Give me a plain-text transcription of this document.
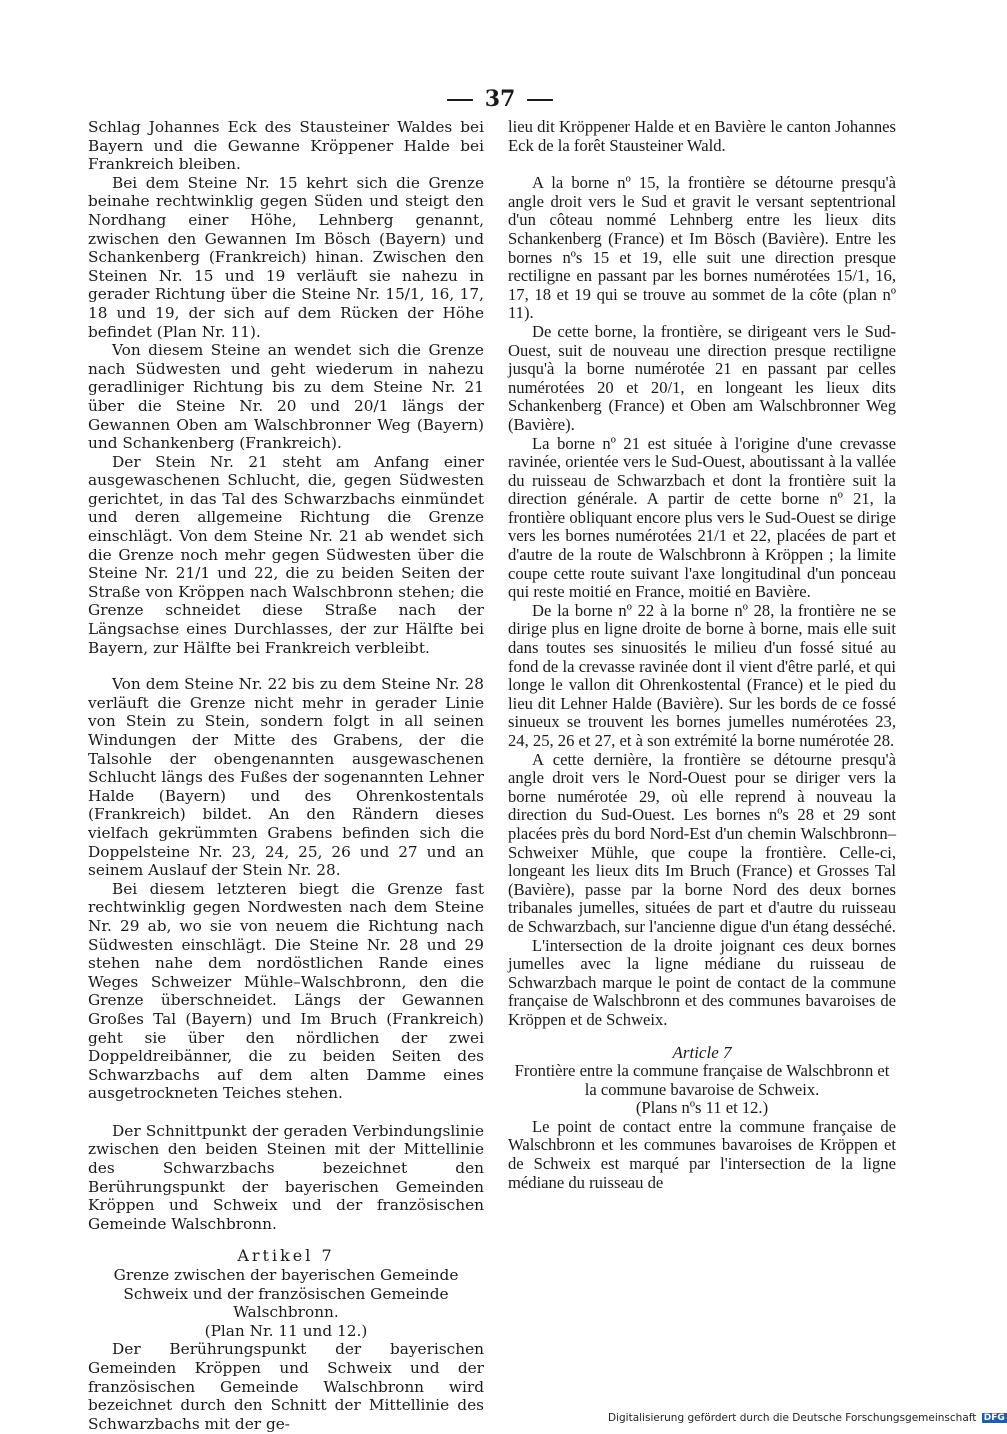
37

Schlag Johannes Eck des Stausteiner Waldes bei Bayern und die Gewanne Kröppener Halde bei Frankreich bleiben.

Bei dem Steine Nr. 15 kehrt sich die Grenze beinahe rechtwinklig gegen Süden und steigt den Nordhang einer Höhe, Lehnberg genannt, zwischen den Gewannen Im Bösch (Bayern) und Schankenberg (Frankreich) hinan. Zwischen den Steinen Nr. 15 und 19 verläuft sie nahezu in gerader Richtung über die Steine Nr. 15/1, 16, 17, 18 und 19, der sich auf dem Rücken der Höhe befindet (Plan Nr. 11).

Von diesem Steine an wendet sich die Grenze nach Südwesten und geht wiederum in nahezu geradliniger Richtung bis zu dem Steine Nr. 21 über die Steine Nr. 20 und 20/1 längs der Gewannen Oben am Walschbronner Weg (Bayern) und Schankenberg (Frankreich).

Der Stein Nr. 21 steht am Anfang einer ausgewaschenen Schlucht, die, gegen Südwesten gerichtet, in das Tal des Schwarzbachs einmündet und deren allgemeine Richtung die Grenze einschlägt. Von dem Steine Nr. 21 ab wendet sich die Grenze noch mehr gegen Südwesten über die Steine Nr. 21/1 und 22, die zu beiden Seiten der Straße von Kröppen nach Walschbronn stehen; die Grenze schneidet diese Straße nach der Längsachse eines Durchlasses, der zur Hälfte bei Bayern, zur Hälfte bei Frankreich verbleibt.

Von dem Steine Nr. 22 bis zu dem Steine Nr. 28 verläuft die Grenze nicht mehr in gerader Linie von Stein zu Stein, sondern folgt in all seinen Windungen der Mitte des Grabens, der die Talsohle der obengenannten ausgewaschenen Schlucht längs des Fußes der sogenannten Lehner Halde (Bayern) und des Ohrenkostentals (Frankreich) bildet. An den Rändern dieses vielfach gekrümmten Grabens befinden sich die Doppelsteine Nr. 23, 24, 25, 26 und 27 und an seinem Auslauf der Stein Nr. 28.

Bei diesem letzteren biegt die Grenze fast rechtwinklig gegen Nordwesten nach dem Steine Nr. 29 ab, wo sie von neuem die Richtung nach Südwesten einschlägt. Die Steine Nr. 28 und 29 stehen nahe dem nordöstlichen Rande eines Weges Schweizer Mühle–Walschbronn, den die Grenze überschneidet. Längs der Gewannen Großes Tal (Bayern) und Im Bruch (Frankreich) geht sie über den nördlichen der zwei Doppeldreibänner, die zu beiden Seiten des Schwarzbachs auf dem alten Damme eines ausgetrockneten Teiches stehen.

Der Schnittpunkt der geraden Verbindungslinie zwischen den beiden Steinen mit der Mittellinie des Schwarzbachs bezeichnet den Berührungspunkt der bayerischen Gemeinden Kröppen und Schweix und der französischen Gemeinde Walschbronn.

Artikel 7

Grenze zwischen der bayerischen Gemeinde Schweix und der französischen Gemeinde Walschbronn.

(Plan Nr. 11 und 12.)

Der Berührungspunkt der bayerischen Gemeinden Kröppen und Schweix und der französischen Gemeinde Walschbronn wird bezeichnet durch den Schnitt der Mittellinie des Schwarzbachs mit der ge-

lieu dit Kröppener Halde et en Bavière le canton Johannes Eck de la forêt Stausteiner Wald.

A la borne nº 15, la frontière se détourne presqu'à angle droit vers le Sud et gravit le versant septentrional d'un côteau nommé Lehnberg entre les lieux dits Schankenberg (France) et Im Bösch (Bavière). Entre les bornes nºs 15 et 19, elle suit une direction presque rectiligne en passant par les bornes numérotées 15/1, 16, 17, 18 et 19 qui se trouve au sommet de la côte (plan nº 11).

De cette borne, la frontière, se dirigeant vers le Sud-Ouest, suit de nouveau une direction presque rectiligne jusqu'à la borne numérotée 21 en passant par celles numérotées 20 et 20/1, en longeant les lieux dits Schankenberg (France) et Oben am Walschbronner Weg (Bavière).

La borne nº 21 est située à l'origine d'une crevasse ravinée, orientée vers le Sud-Ouest, aboutissant à la vallée du ruisseau de Schwarzbach et dont la frontière suit la direction générale. A partir de cette borne nº 21, la frontière obliquant encore plus vers le Sud-Ouest se dirige vers les bornes numérotées 21/1 et 22, placées de part et d'autre de la route de Walschbronn à Kröppen ; la limite coupe cette route suivant l'axe longitudinal d'un ponceau qui reste moitié en France, moitié en Bavière.

De la borne nº 22 à la borne nº 28, la frontière ne se dirige plus en ligne droite de borne à borne, mais elle suit dans toutes ses sinuosités le milieu d'un fossé situé au fond de la crevasse ravinée dont il vient d'être parlé, et qui longe le vallon dit Ohrenkostental (France) et le pied du lieu dit Lehner Halde (Bavière). Sur les bords de ce fossé sinueux se trouvent les bornes jumelles numérotées 23, 24, 25, 26 et 27, et à son extrémité la borne numérotée 28.

A cette dernière, la frontière se détourne presqu'à angle droit vers le Nord-Ouest pour se diriger vers la borne numérotée 29, où elle reprend à nouveau la direction du Sud-Ouest. Les bornes nºs 28 et 29 sont placées près du bord Nord-Est d'un chemin Walschbronn–Schweixer Mühle, que coupe la frontière. Celle-ci, longeant les lieux dits Im Bruch (France) et Grosses Tal (Bavière), passe par la borne Nord des deux bornes tribanales jumelles, situées de part et d'autre du ruisseau de Schwarzbach, sur l'ancienne digue d'un étang desséché.

L'intersection de la droite joignant ces deux bornes jumelles avec la ligne médiane du ruisseau de Schwarzbach marque le point de contact de la commune française de Walschbronn et des communes bavaroises de Kröppen et de Schweix.

Article 7

Frontière entre la commune française de Walschbronn et la commune bavaroise de Schweix.

(Plans nºs 11 et 12.)

Le point de contact entre la commune française de Walschbronn et les communes bavaroises de Kröppen et de Schweix est marqué par l'intersection de la ligne médiane du ruisseau de

Digitalisierung gefördert durch die Deutsche Forschungsgemeinschaft DFG
